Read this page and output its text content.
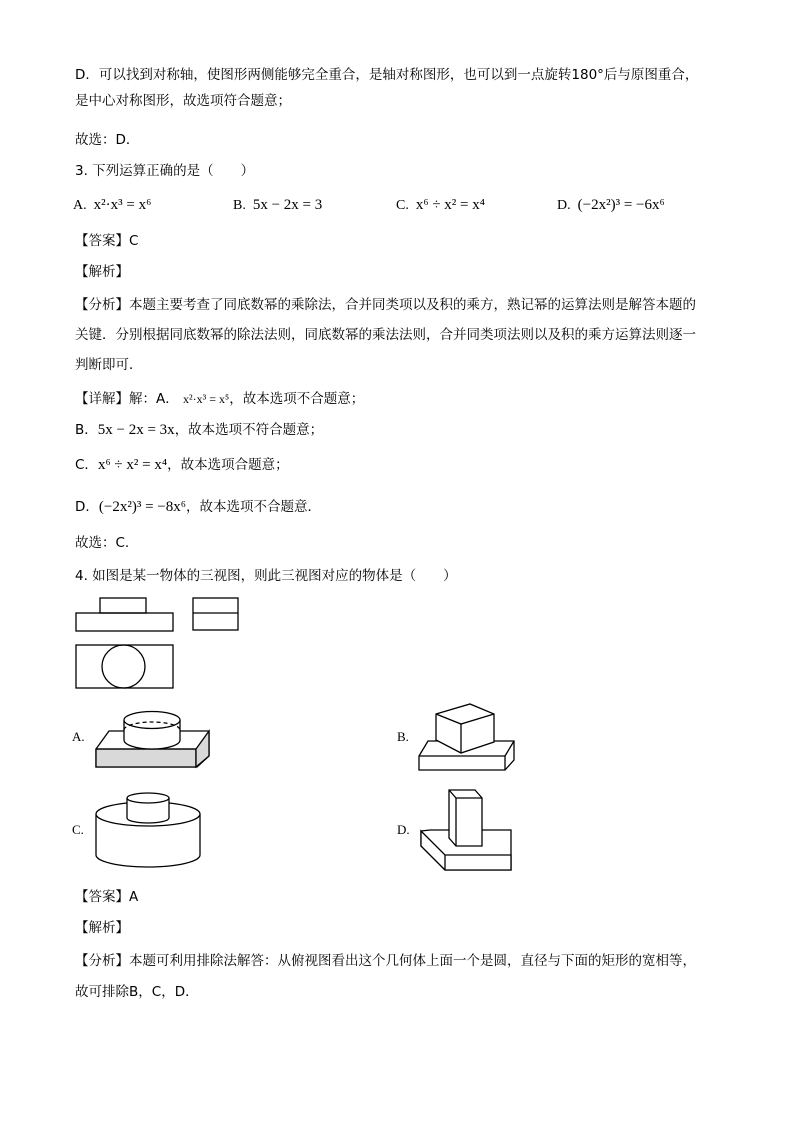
D．可以找到对称轴，使图形两侧能够完全重合，是轴对称图形，也可以到一点旋转180°后与原图重合，
是中心对称图形，故选项符合题意；
故选：D．
3. 下列运算正确的是（　　）
A. x²·x³ = x⁶	B. 5x − 2x = 3	C. x⁶ ÷ x² = x⁴	D. (−2x²)³ = −6x⁶
【答案】C
【解析】
【分析】本题主要考查了同底数幂的乘除法，合并同类项以及积的乘方，熟记幂的运算法则是解答本题的
关键．分别根据同底数幂的除法法则，同底数幂的乘法法则，合并同类项法则以及积的乘方运算法则逐一
判断即可．
【详解】解：A． x²·x³ = x⁵，故本选项不合题意；
B．5x − 2x = 3x，故本选项不符合题意；
C．x⁶ ÷ x² = x⁴，故本选项合题意；
D．(−2x²)³ = −8x⁶，故本选项不合题意．
故选：C.
4. 如图是某一物体的三视图，则此三视图对应的物体是（　　）
A.	B.
C.	D.
【答案】A
【解析】
【分析】本题可利用排除法解答：从俯视图看出这个几何体上面一个是圆，直径与下面的矩形的宽相等，
故可排除B，C，D．
